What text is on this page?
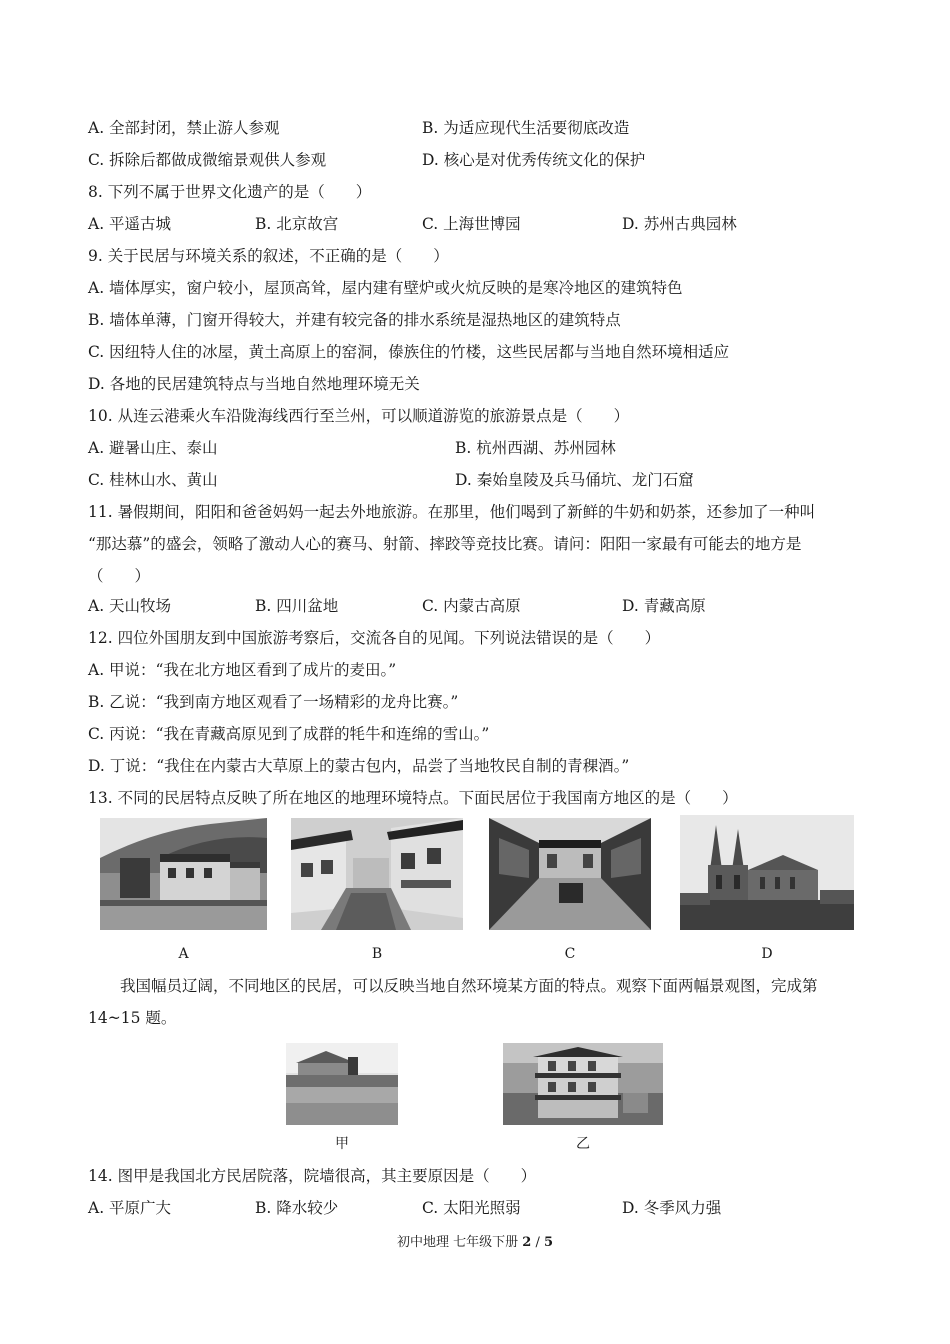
A. 全部封闭，禁止游人参观	B. 为适应现代生活要彻底改造
C. 拆除后都做成微缩景观供人参观	D. 核心是对优秀传统文化的保护
8. 下列不属于世界文化遗产的是（　　）
A. 平遥古城	B. 北京故宫	C. 上海世博园	D. 苏州古典园林
9. 关于民居与环境关系的叙述，不正确的是（　　）
A. 墙体厚实，窗户较小，屋顶高耸，屋内建有壁炉或火炕反映的是寒冷地区的建筑特色
B. 墙体单薄，门窗开得较大，并建有较完备的排水系统是湿热地区的建筑特点
C. 因纽特人住的冰屋，黄土高原上的窑洞，傣族住的竹楼，这些民居都与当地自然环境相适应
D. 各地的民居建筑特点与当地自然地理环境无关
10. 从连云港乘火车沿陇海线西行至兰州，可以顺道游览的旅游景点是（　　）
A. 避暑山庄、泰山	B. 杭州西湖、苏州园林
C. 桂林山水、黄山	D. 秦始皇陵及兵马俑坑、龙门石窟
11. 暑假期间，阳阳和爸爸妈妈一起去外地旅游。在那里，他们喝到了新鲜的牛奶和奶茶，还参加了一种叫
“那达慕”的盛会，领略了激动人心的赛马、射箭、摔跤等竞技比赛。请问：阳阳一家最有可能去的地方是
（　　）
A. 天山牧场	B. 四川盆地	C. 内蒙古高原	D. 青藏高原
12. 四位外国朋友到中国旅游考察后，交流各自的见闻。下列说法错误的是（　　）
A. 甲说：“我在北方地区看到了成片的麦田。”
B. 乙说：“我到南方地区观看了一场精彩的龙舟比赛。”
C. 丙说：“我在青藏高原见到了成群的牦牛和连绵的雪山。”
D. 丁说：“我住在内蒙古大草原上的蒙古包内，品尝了当地牧民自制的青稞酒。”
13. 不同的民居特点反映了所在地区的地理环境特点。下面民居位于我国南方地区的是（　　）
A	B	C	D
我国幅员辽阔，不同地区的民居，可以反映当地自然环境某方面的特点。观察下面两幅景观图，完成第
14~15 题。
甲	乙
14. 图甲是我国北方民居院落，院墙很高，其主要原因是（　　）
A. 平原广大	B. 降水较少	C. 太阳光照弱	D. 冬季风力强
初中地理 七年级下册 2 / 5
